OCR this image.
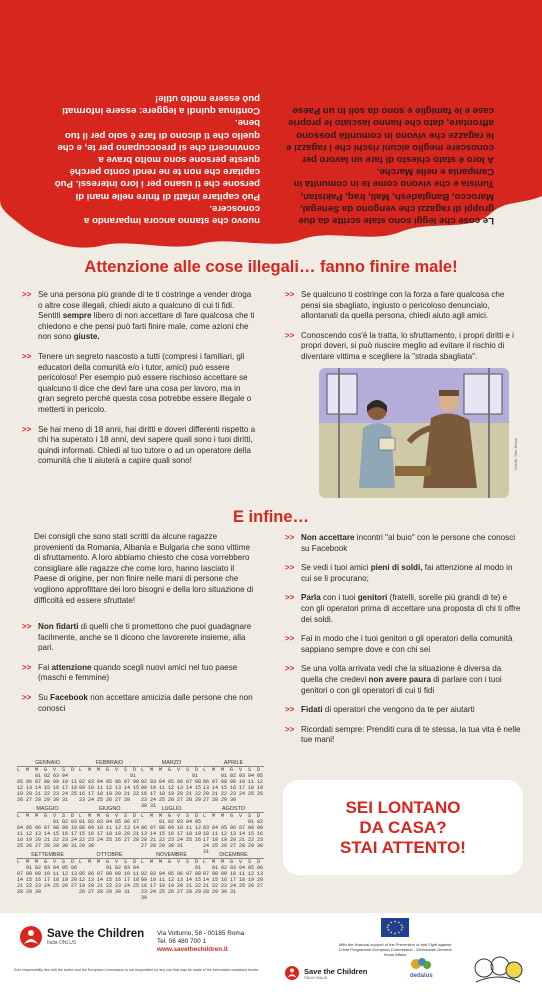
Le cose che leggi sono state scritte da due gruppi di ragazzi che vengono da Senegal, Marocco, Bangladesh, Mali, Iraq, Pakistan, Tunisia e che vivono come te in comunità in Campania e nelle Marche.
A loro è stato chiesto di fare un lavoro per conoscere meglio alcuni rischi che i ragazzi e le ragazze che vivono in comunità possono affrontare, dato che hanno lasciato le proprie case e le famiglie e sono da soli in un Paese

nuovo che stanno ancora imparando a conoscere.
Può capitare infatti di finire nelle mani di persone che ti usano per i loro interessi. Può capitare che non te ne rendi conto perché queste persone sono molto brave a convincerti che si preoccupano per te, e che quello che ti dicono di fare è solo per il tuo bene.
Continua quindi a leggere: essere informati può essere molto utile!

Attenzione alle cose illegali… fanno finire male!
>> Se una persona più grande di te ti costringe a vender droga o altre cose illegali, chiedi aiuto a qualcuno di cui ti fidi. Sentiti sempre libero di non accettare di fare qualcosa che ti chiedono e che pensi può farti finire male, come azioni che non sono giuste.
>> Tenere un segreto nascosto a tutti (compresi i familiari, gli educatori della comunità e/o i tutor, amici) può essere pericoloso! Per esempio può essere rischioso accettare se qualcuno ti dice che devi fare una cosa per lavoro, ma in gran segreto perché questa cosa potrebbe essere illegale o metterti in pericolo.
>> Se hai meno di 18 anni, hai diritti e doveri differenti rispetto a chi ha superato i 18 anni, devi sapere quali sono i tuoi diritti, quindi informati. Chiedi al tuo tutore o ad un operatore della comunità che ti aiuterà a capire quali sono!
>> Se qualcuno ti costringe con la forza a fare qualcosa che pensi sia sbagliato, ingiusto o pericoloso denuncialo, allontanati da quella persona, chiedi aiuto agli amici.
>> Conoscendo cos'è la tratta, lo sfruttamento, i propri diritti e i propri doveri, si può riuscire meglio ad evitare il rischio di diventare vittima e scegliere la "strada sbagliata".
Credit: Tom Breen
E infine…
Dei consigli che sono stati scritti da alcune ragazze provenienti da Romania, Albania e Bulgaria che sono vittime di sfruttamento. A loro abbiamo chiesto che cosa vorrebbero consigliare alle ragazze che come loro, hanno lasciato il Paese di origine, per non finire nelle mani di persone che vogliono approfittare dei loro bisogni e della loro situazione di difficoltà ed essere sfruttate!
>> Non fidarti di quelli che ti promettono che puoi guadagnare facilmente, anche se ti dicono che lavorerete insieme, alla pari.
>> Fai attenzione quando scegli nuovi amici nel tuo paese (maschi e femmine)
>> Su Facebook non accettare amicizia dalle persone che non conosci
>> Non accettare incontri "al buio" con le persone che conosci su Facebook
>> Se vedi i tuoi amici pieni di soldi, fai attenzione al modo in cui se li procurano;
>> Parla con i tuoi genitori (fratelli, sorelle più grandi di te) e con gli operatori prima di accettare una proposta di chi ti offre dei soldi.
>> Fai in modo che i tuoi genitori o gli operatori della comunità sappiano sempre dove e con chi sei
>> Se una volta arrivata vedi che la situazione è diversa da quella che credevi non avere paura di parlare con i tuoi genitori o con gli operatori di cui ti fidi
>> Fidati di operatori che vengono da te per aiutarti
>> Ricordati sempre: Prenditi cura di te stessa, la tua vita è nelle tue mani!
GENNAIO
L  M  M  G  V  S  D
01 02 03 04
05 06 07 08 09 10 11
12 13 14 15 16 17 18
19 20 21 22 23 24 25
26 27 28 29 30 31
FEBBRAIO
L  M  M  G  V  S  D
01
02 03 04 05 06 07 08
09 10 11 12 13 14 15
16 17 18 19 20 21 22
23 24 25 26 27 28
MARZO
L  M  M  G  V  S  D
01
02 03 04 05 06 07 08
09 10 11 12 13 14 15
16 17 18 19 20 21 22
23 24 25 26 27 28 29
30 31
APRILE
L  M  M  G  V  S  D
01 02 03 04 05
06 07 08 09 10 11 12
13 14 15 16 17 18 19
20 21 22 23 24 25 26
27 28 29 30
MAGGIO
L  M  M  G  V  S  D
01 02 03
04 05 06 07 08 09 10
11 12 13 14 15 16 17
18 19 20 21 22 23 24
25 26 27 28 29 30 31
GIUGNO
L  M  M  G  V  S  D
01 02 03 04 05 06 07
08 09 10 11 12 13 14
15 16 17 18 19 20 21
22 23 24 25 26 27 28
29 30
LUGLIO
L  M  M  G  V  S  D
01 02 03 04 05
06 07 08 09 10 11 12
13 14 15 16 17 18 19
20 21 22 23 24 25 26
27 28 29 30 31
AGOSTO
L  M  M  G  V  S  D
01 02
03 04 05 06 07 08 09
10 11 12 13 14 15 16
17 18 19 20 21 22 23
24 25 26 27 28 29 30
31
SETTEMBRE
L  M  M  G  V  S  D
01 02 03 04 05 06
07 08 09 10 11 12 13
14 15 16 17 18 19 20
21 22 23 24 25 26 27
28 29 30
OTTOBRE
L  M  M  G  V  S  D
01 02 03 04
05 06 07 08 09 10 11
12 13 14 15 16 17 18
19 20 21 22 23 24 25
26 27 28 29 30 31
NOVEMBRE
L  M  M  G  V  S  D
01
02 03 04 05 06 07 08
09 10 11 12 13 14 15
16 17 18 19 20 21 22
23 24 25 26 27 28 29
30
DICEMBRE
L  M  M  G  V  S  D
01 02 03 04 05 06
07 08 09 10 11 12 13
14 15 16 17 18 19 20
21 22 23 24 25 26 27
28 29 30 31
SEI LONTANO
DA CASA?
STAI ATTENTO!
Save the Children
Italia ONLUS
Via Volturno, 58 - 00185 Roma
Tel. 06 480 700 1
www.savethechildren.it
With the financial support of the Prevention of and Fight against Crime Programme European Commission - Directorate-General Home Affairs
Save the Children
ITALIA ONLUS	dedalus
Sole responsibility lies with the author and the European Commission is not responsible for any use that may be made of the information contained herein.
